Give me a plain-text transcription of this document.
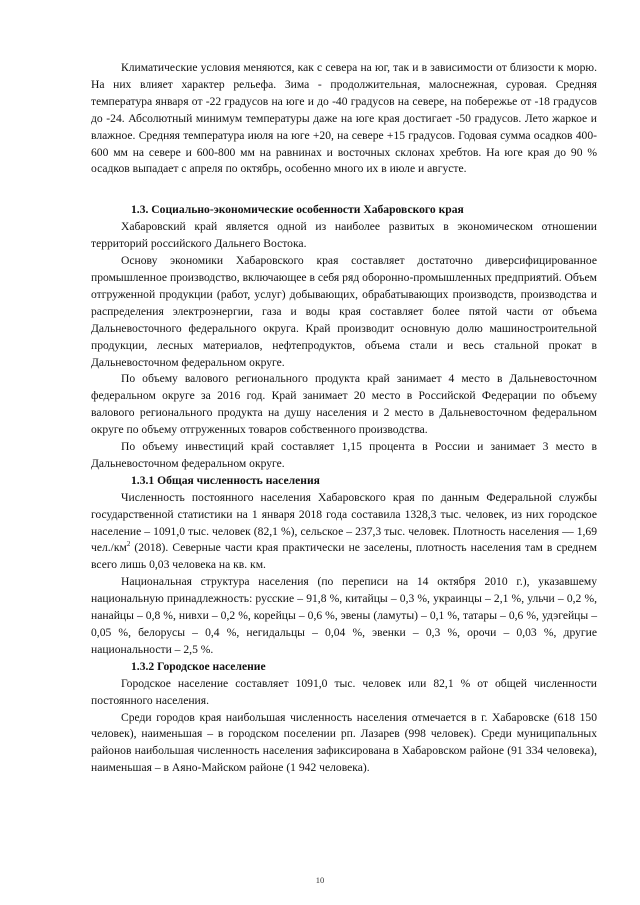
Климатические условия меняются, как с севера на юг, так и в зависимости от близости к морю. На них влияет характер рельефа. Зима - продолжительная, малоснежная, суровая. Средняя температура января от -22 градусов на юге и до -40 градусов на севере, на побережье от -18 градусов до -24. Абсолютный минимум температуры даже на юге края достигает -50 градусов. Лето жаркое и влажное. Средняя температура июля на юге +20, на севере +15 градусов. Годовая сумма осадков 400-600 мм на севере и 600-800 мм на равнинах и восточных склонах хребтов. На юге края до 90 % осадков выпадает с апреля по октябрь, особенно много их в июле и августе.

1.3. Социально-экономические особенности Хабаровского края

Хабаровский край является одной из наиболее развитых в экономическом отношении территорий российского Дальнего Востока.

Основу экономики Хабаровского края составляет достаточно диверсифицированное промышленное производство, включающее в себя ряд оборонно-промышленных предприятий. Объем отгруженной продукции (работ, услуг) добывающих, обрабатывающих производств, производства и распределения электроэнергии, газа и воды края составляет более пятой части от объема Дальневосточного федерального округа. Край производит основную долю машиностроительной продукции, лесных материалов, нефтепродуктов, объема стали и весь стальной прокат в Дальневосточном федеральном округе.

По объему валового регионального продукта край занимает 4 место в Дальневосточном федеральном округе за 2016 год. Край занимает 20 место в Российской Федерации по объему валового регионального продукта на душу населения и 2 место в Дальневосточном федеральном округе по объему отгруженных товаров собственного производства.

По объему инвестиций край составляет 1,15 процента в России и занимает 3 место в Дальневосточном федеральном округе.

1.3.1 Общая численность населения

Численность постоянного населения Хабаровского края по данным Федеральной службы государственной статистики на 1 января 2018 года составила 1328,3 тыс. человек, из них городское население – 1091,0 тыс. человек (82,1 %), сельское – 237,3 тыс. человек. Плотность населения — 1,69 $чел./км^2$ (2018). Северные части края практически не заселены, плотность населения там в среднем всего лишь 0,03 человека на кв. км.

Национальная структура населения (по переписи на 14 октября 2010 г.), указавшему национальную принадлежность: русские – 91,8 %, китайцы – 0,3 %, украинцы – 2,1 %, ульчи – 0,2 %, нанайцы – 0,8 %, нивхи – 0,2 %, корейцы – 0,6 %, эвены (ламуты) – 0,1 %, татары – 0,6 %, удэгейцы – 0,05 %, белорусы – 0,4 %, негидальцы – 0,04 %, эвенки – 0,3 %, орочи – 0,03 %, другие национальности – 2,5 %.

1.3.2 Городское население

Городское население составляет 1091,0 тыс. человек или 82,1 % от общей численности постоянного населения.

Среди городов края наибольшая численность населения отмечается в г. Хабаровске (618 150 человек), наименьшая – в городском поселении рп. Лазарев (998 человек). Среди муниципальных районов наибольшая численность населения зафиксирована в Хабаровском районе (91 334 человека), наименьшая – в Аяно-Майском районе (1 942 человека).

10
